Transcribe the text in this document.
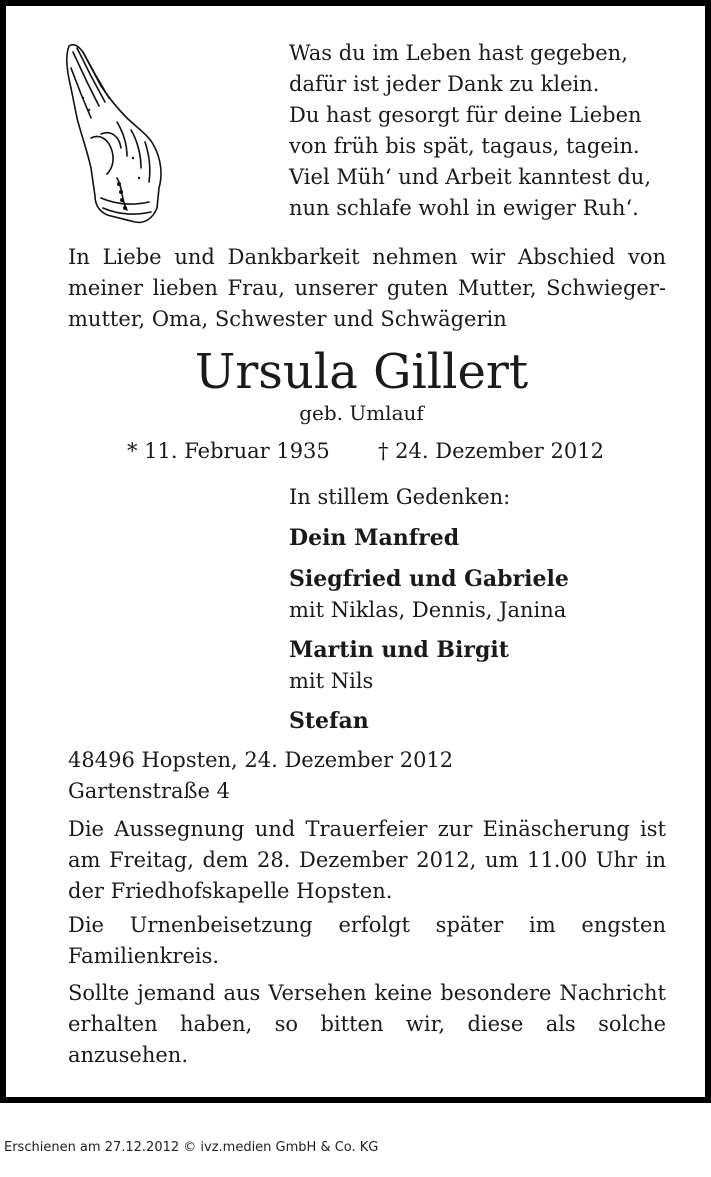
Was du im Leben hast gegeben,
dafür ist jeder Dank zu klein.
Du hast gesorgt für deine Lieben
von früh bis spät, tagaus, tagein.
Viel Müh‘ und Arbeit kanntest du,
nun schlafe wohl in ewiger Ruh‘.
In Liebe und Dankbarkeit nehmen wir Abschied von meiner lieben Frau, unserer guten Mutter, Schwiegermutter, Oma, Schwester und Schwägerin
Ursula Gillert
geb. Umlauf
* 11. Februar 1935 † 24. Dezember 2012
In stillem Gedenken:
Dein Manfred
Siegfried und Gabriele
mit Niklas, Dennis, Janina
Martin und Birgit
mit Nils
Stefan
48496 Hopsten, 24. Dezember 2012
Gartenstraße 4
Die Aussegnung und Trauerfeier zur Einäscherung ist am Freitag, dem 28. Dezember 2012, um 11.00 Uhr in der Friedhofskapelle Hopsten.
Die Urnenbeisetzung erfolgt später im engsten Familienkreis.
Sollte jemand aus Versehen keine besondere Nachricht erhalten haben, so bitten wir, diese als solche anzusehen.
Erschienen am 27.12.2012 © ivz.medien GmbH & Co. KG
